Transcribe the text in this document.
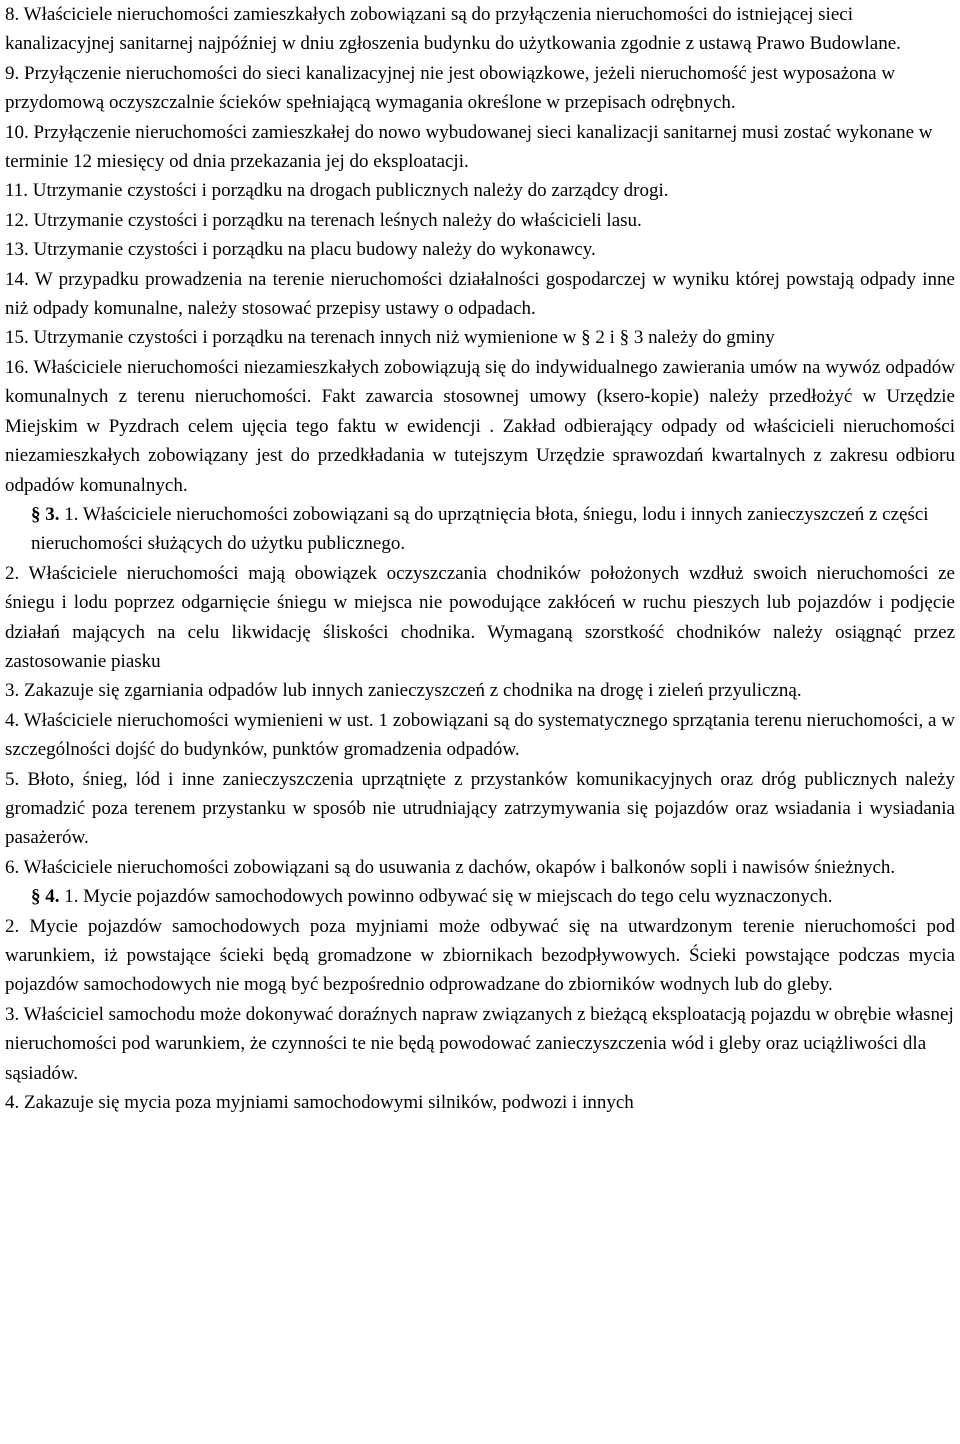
8. Właściciele nieruchomości zamieszkałych zobowiązani są do przyłączenia nieruchomości do istniejącej sieci kanalizacyjnej sanitarnej najpóźniej w dniu zgłoszenia budynku do użytkowania zgodnie z ustawą Prawo Budowlane.

9. Przyłączenie nieruchomości do sieci kanalizacyjnej nie jest obowiązkowe, jeżeli nieruchomość jest wyposażona w przydomową oczyszczalnie ścieków spełniającą wymagania określone w przepisach odrębnych.

10. Przyłączenie nieruchomości zamieszkałej do nowo wybudowanej sieci kanalizacji sanitarnej musi zostać wykonane w terminie 12 miesięcy od dnia przekazania jej do eksploatacji.

11. Utrzymanie czystości i porządku na drogach publicznych należy do zarządcy drogi.

12. Utrzymanie czystości i porządku na terenach leśnych należy do właścicieli lasu.

13. Utrzymanie czystości i porządku na placu budowy należy do wykonawcy.

14. W przypadku prowadzenia na terenie nieruchomości działalności gospodarczej w wyniku której powstają odpady inne niż odpady komunalne, należy stosować przepisy ustawy o odpadach.

15. Utrzymanie czystości i porządku na terenach innych niż wymienione w § 2 i § 3 należy do gminy

16. Właściciele nieruchomości niezamieszkałych zobowiązują się do indywidualnego zawierania umów na wywóz odpadów komunalnych z terenu nieruchomości. Fakt zawarcia stosownej umowy (ksero-kopie) należy przedłożyć w Urzędzie Miejskim w Pyzdrach celem ujęcia tego faktu w ewidencji . Zakład odbierający odpady od właścicieli nieruchomości niezamieszkałych zobowiązany jest do przedkładania w tutejszym Urzędzie sprawozdań kwartalnych z zakresu odbioru odpadów komunalnych.

§ 3. 1. Właściciele nieruchomości zobowiązani są do uprzątnięcia błota, śniegu, lodu i innych zanieczyszczeń z części nieruchomości służących do użytku publicznego.

2. Właściciele nieruchomości mają obowiązek oczyszczania chodników położonych wzdłuż swoich nieruchomości ze śniegu i lodu poprzez odgarnięcie śniegu w miejsca nie powodujące zakłóceń w ruchu pieszych lub pojazdów i podjęcie działań mających na celu likwidację śliskości chodnika. Wymaganą szorstkość chodników należy osiągnąć przez zastosowanie piasku

3. Zakazuje się zgarniania odpadów lub innych zanieczyszczeń z chodnika na drogę i zieleń przyuliczną.

4. Właściciele nieruchomości wymienieni w ust. 1 zobowiązani są do systematycznego sprzątania terenu nieruchomości, a w szczególności dojść do budynków, punktów gromadzenia odpadów.

5. Błoto, śnieg, lód i inne zanieczyszczenia uprzątnięte z przystanków komunikacyjnych oraz dróg publicznych należy gromadzić poza terenem przystanku w sposób nie utrudniający zatrzymywania się pojazdów oraz wsiadania i wysiadania pasażerów.

6. Właściciele nieruchomości zobowiązani są do usuwania z dachów, okapów i balkonów sopli i nawisów śnieżnych.

§ 4. 1. Mycie pojazdów samochodowych powinno odbywać się w miejscach do tego celu wyznaczonych.

2. Mycie pojazdów samochodowych poza myjniami może odbywać się na utwardzonym terenie nieruchomości pod warunkiem, iż powstające ścieki będą gromadzone w zbiornikach bezodpływowych. Ścieki powstające podczas mycia pojazdów samochodowych nie mogą być bezpośrednio odprowadzane do zbiorników wodnych lub do gleby.

3. Właściciel samochodu może dokonywać doraźnych napraw związanych z bieżącą eksploatacją pojazdu w obrębie własnej nieruchomości pod warunkiem, że czynności te nie będą powodować zanieczyszczenia wód i gleby oraz uciążliwości dla sąsiadów.

4. Zakazuje się mycia poza myjniami samochodowymi silników, podwozi i innych
